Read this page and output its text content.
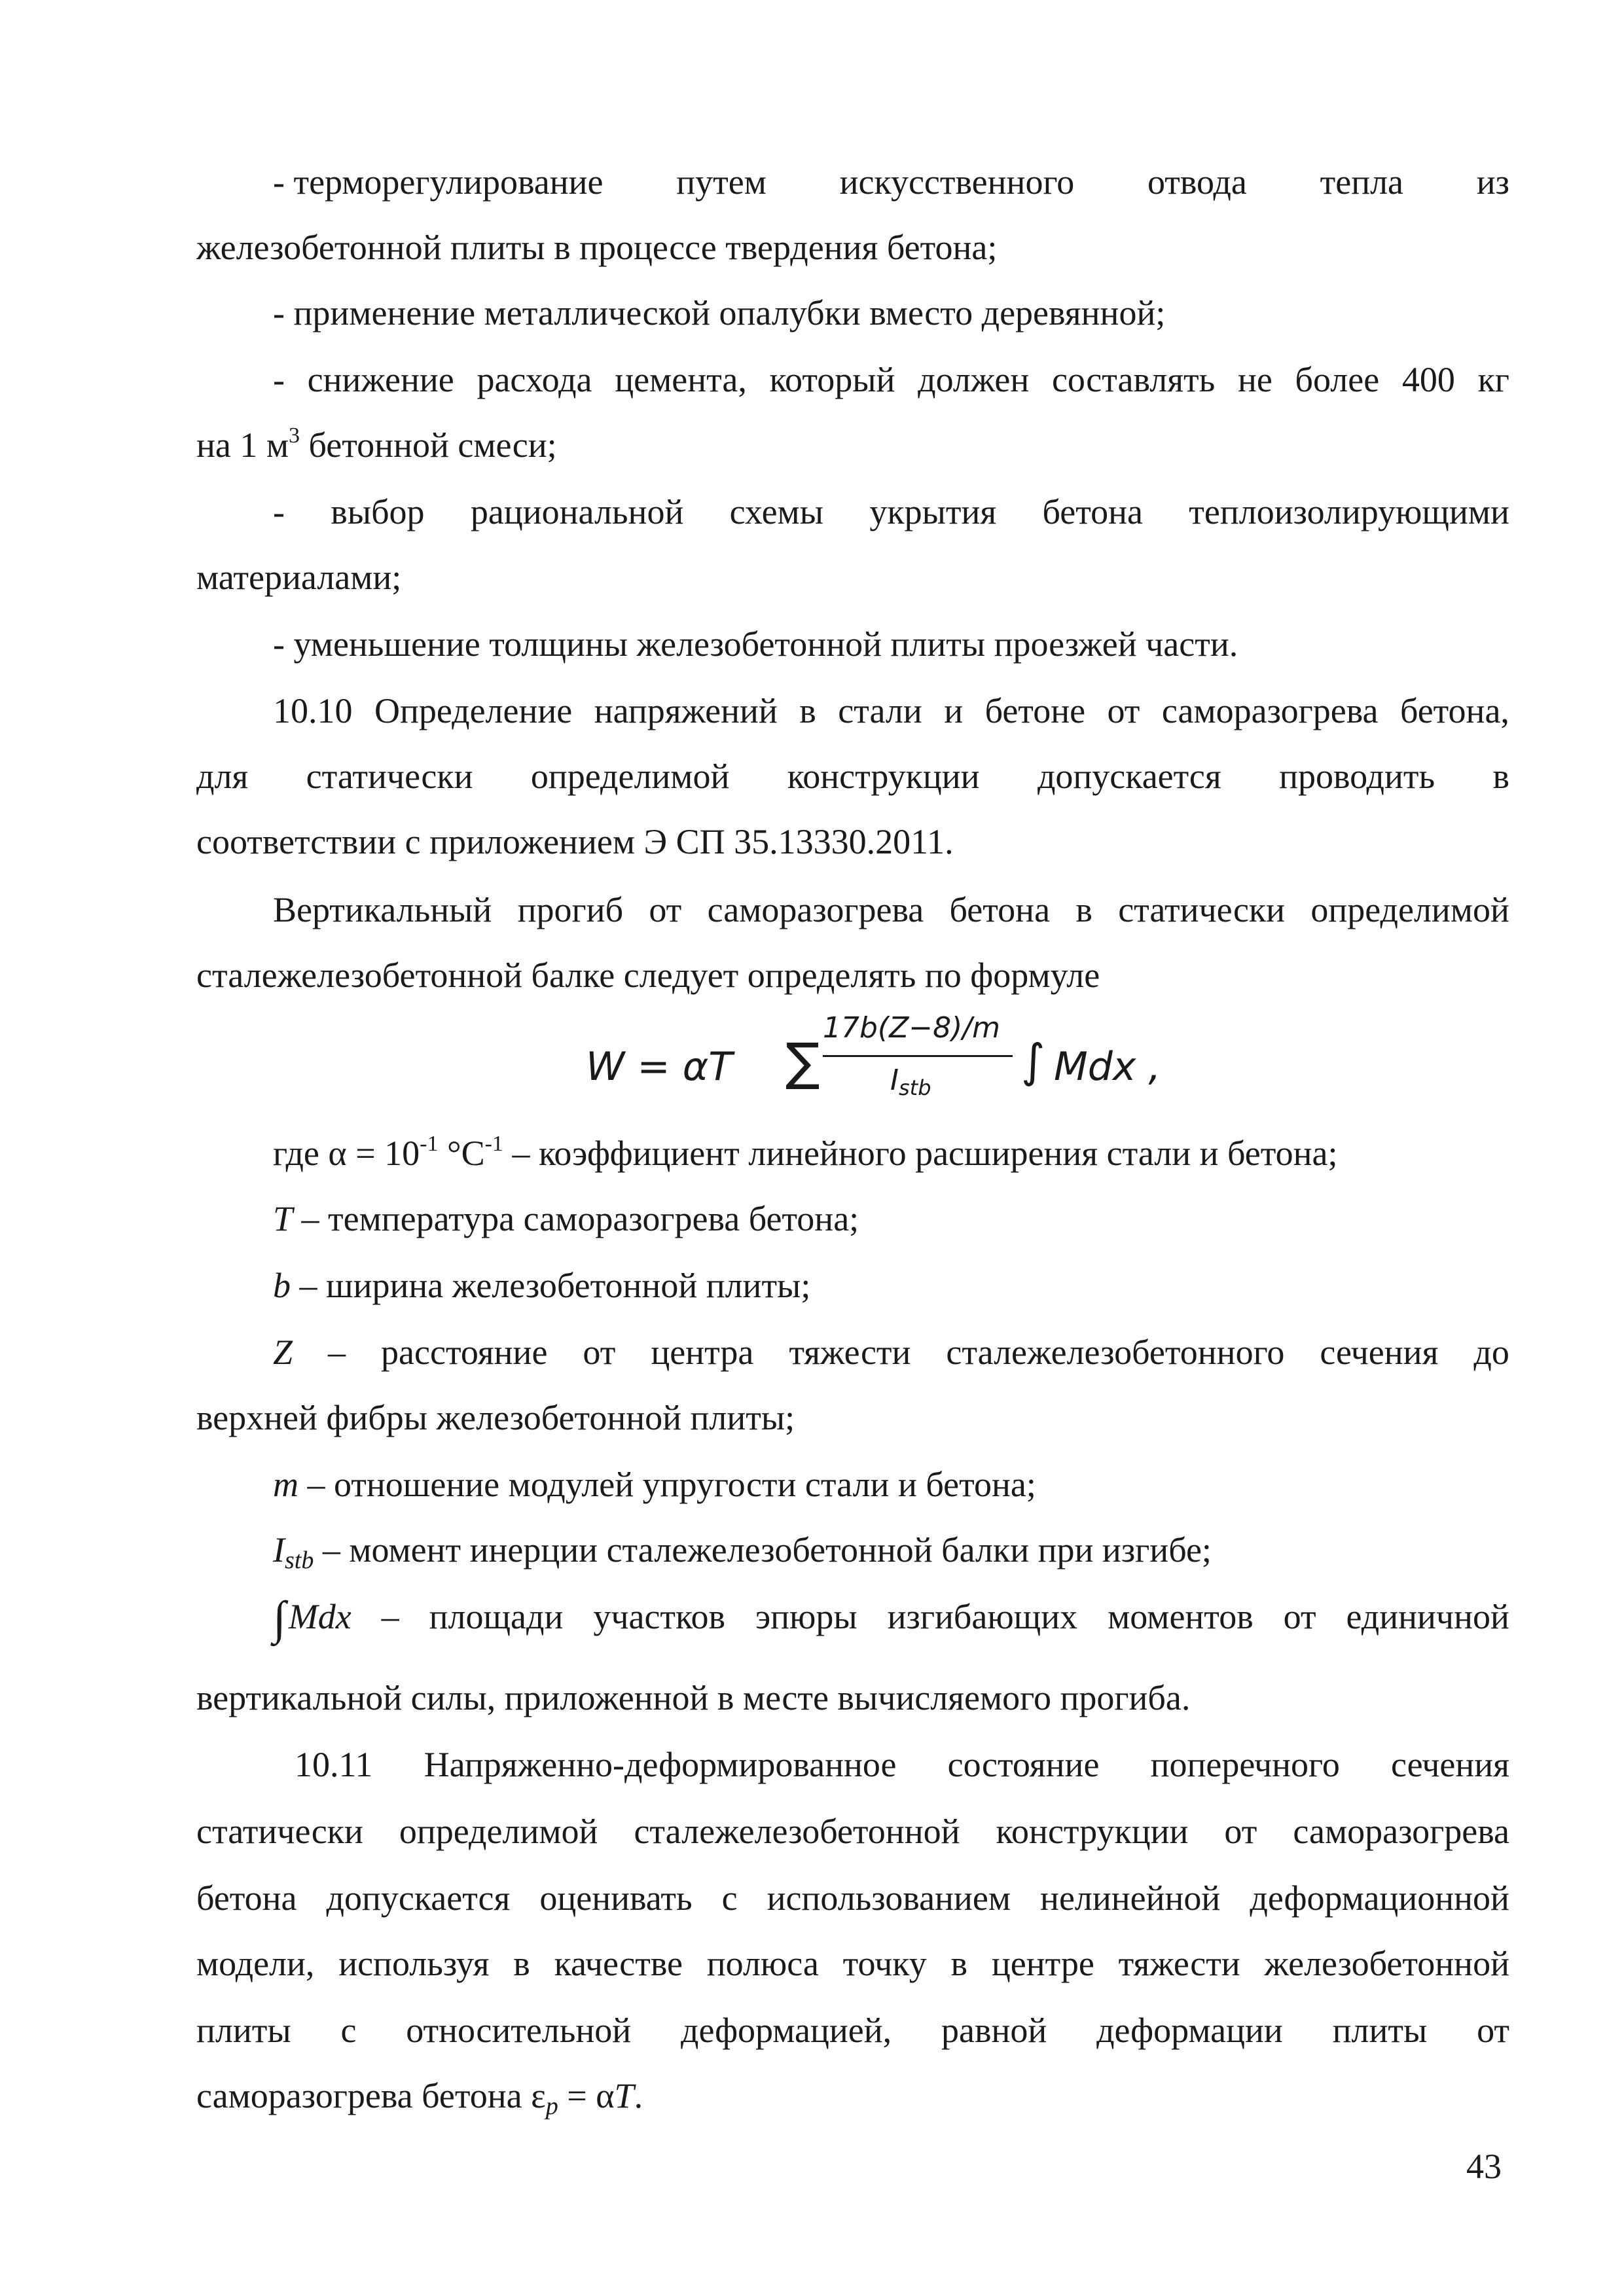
- терморегулирование путем искусственного отвода тепла из
железобетонной плиты в процессе твердения бетона;
- применение металлической опалубки вместо деревянной;
- снижение расхода цемента, который должен составлять не более 400 кг
на 1 $м^3$ бетонной смеси;
- выбор рациональной схемы укрытия бетона теплоизолирующими
материалами;
- уменьшение толщины железобетонной плиты проезжей части.
10.10 Определение напряжений в стали и бетоне от саморазогрева бетона,
для статически определимой конструкции допускается проводить в
соответствии с приложением Э СП 35.13330.2011.
Вертикальный прогиб от саморазогрева бетона в статически определимой
сталежелезобетонной балке следует определять по формуле
W = αT ∑
17b(Z−8)/m
$I_{stb}$ ∫ Mdx ,
где $\alpha = 10^{-1}$ $^\circ C^{-1}$ – коэффициент линейного расширения стали и бетона;
T – температура саморазогрева бетона;
b – ширина железобетонной плиты;
Z – расстояние от центра тяжести сталежелезобетонного сечения до
верхней фибры железобетонной плиты;
m – отношение модулей упругости стали и бетона;
$I_{stb}$ – момент инерции сталежелезобетонной балки при изгибе;
∫Mdx – площади участков эпюры изгибающих моментов от единичной
вертикальной силы, приложенной в месте вычисляемого прогиба.
10.11 Напряженно-деформированное состояние поперечного сечения
статически определимой сталежелезобетонной конструкции от саморазогрева
бетона допускается оценивать с использованием нелинейной деформационной
модели, используя в качестве полюса точку в центре тяжести железобетонной
плиты с относительной деформацией, равной деформации плиты от
саморазогрева бетона $\varepsilon_p = \alpha T$.
43
